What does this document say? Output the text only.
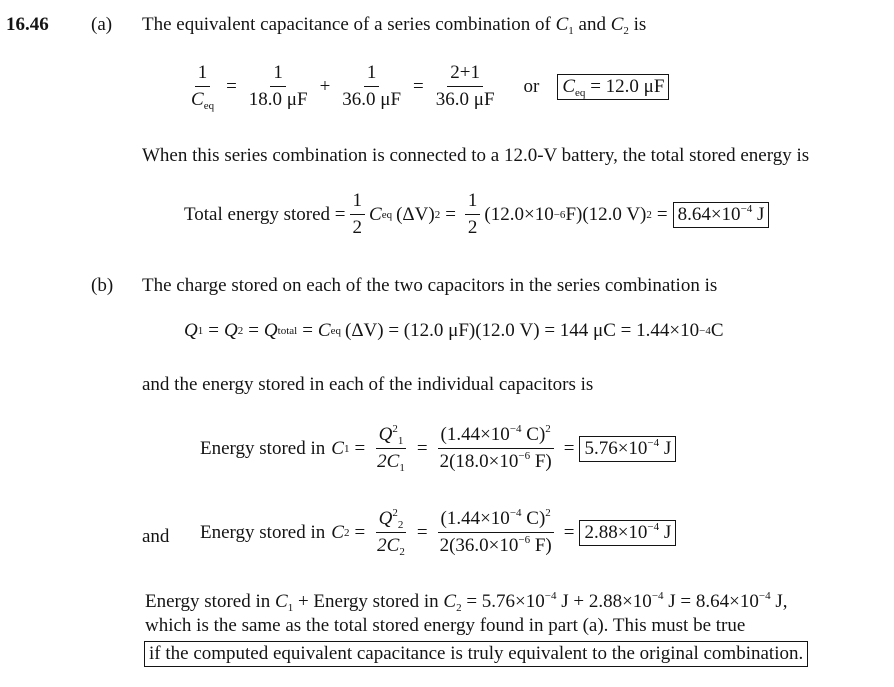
16.46 (a) The equivalent capacitance of a series combination of $C_1$ and $C_2$ is
$\frac{1}{C_{eq}} = \frac{1}{18.0 \mu F} + \frac{1}{36.0 \mu F} = \frac{2+1}{36.0 \mu F}$ or $C_{eq} = 12.0$ μF
When this series combination is connected to a 12.0-V battery, the total stored energy is
Total energy stored = $\frac{1}{2}$ C eq (ΔV) $2 = \frac{1}{2} (12.0\times 10 -6$ F)(12.0 V) $2 = 8.64\times 10^{-4}$ J
(b) The charge stored on each of the two capacitors in the series combination is
Q 1 = Q 2 = Q total = C eq (ΔV) = (12.0 μF)(12.0 V) = 144 μC = 1.44×10 −4 C
and the energy stored in each of the individual capacitors is
Energy stored in C $1 = \frac{Q^2_1}{2C_1} = \frac{(1.44\times 10^{-4} C)^2}{2(18.0\times 10^{-6} F)} = 5.76\times 10^{-4}$ J
and Energy stored in C $2 = \frac{Q^2_2}{2C_2} = \frac{(1.44\times 10^{-4} C)^2}{2(36.0\times 10^{-6} F)} = 2.88\times 10^{-4}$ J
Energy stored in $C_1$ + Energy stored in $C_2 = 5.76\times 10^{-4}$ $J + 2.88\times 10^{-4}$ $J = 8.64\times 10^{-4}$ J,
which is the same as the total stored energy found in part (a). This must be true
if the computed equivalent capacitance is truly equivalent to the original combination.
